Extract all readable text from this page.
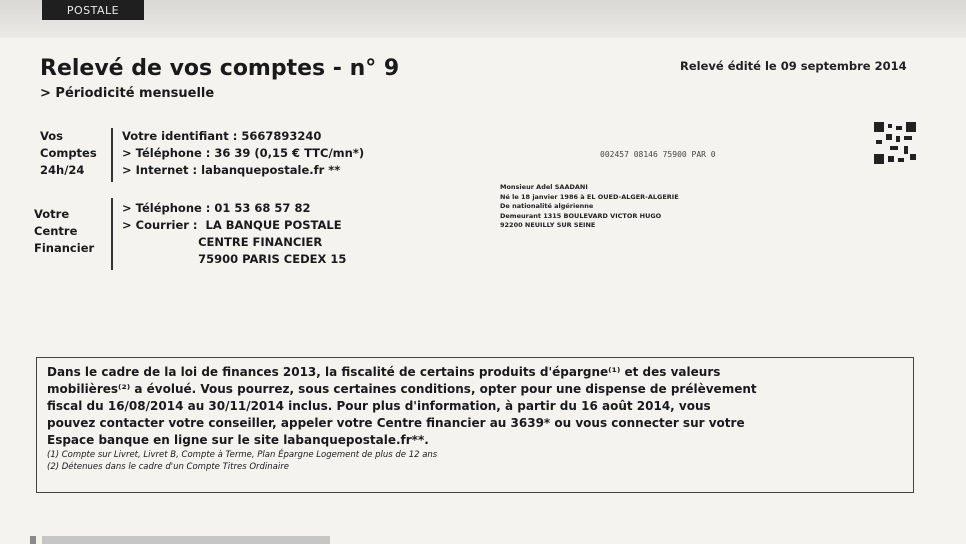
POSTALE
Relevé de vos comptes - n° 9
> Périodicité mensuelle
Relevé édité le 09 septembre 2014
Vos
Comptes
24h/24
Votre identifiant : 5667893240
> Téléphone : 36 39 (0,15 € TTC/mn*)
> Internet : labanquepostale.fr **
Votre
Centre
Financier
> Téléphone : 01 53 68 57 82
> Courrier :  LA BANQUE POSTALE
CENTRE FINANCIER
75900 PARIS CEDEX 15
002457 08146 75900 PAR 0
Monsieur Adel SAADANI
Né le 18 janvier 1986 à EL OUED-ALGER-ALGERIE
De nationalité algérienne
Demeurant 1315 BOULEVARD VICTOR HUGO
92200 NEUILLY SUR SEINE
Dans le cadre de la loi de finances 2013, la fiscalité de certains produits d'épargne⁽¹⁾ et des valeurs
mobilières⁽²⁾ a évolué. Vous pourrez, sous certaines conditions, opter pour une dispense de prélèvement
fiscal du 16/08/2014 au 30/11/2014 inclus. Pour plus d'information, à partir du 16 août 2014, vous
pouvez contacter votre conseiller, appeler votre Centre financier au 3639* ou vous connecter sur votre
Espace banque en ligne sur le site labanquepostale.fr**.
(1) Compte sur Livret, Livret B, Compte à Terme, Plan Épargne Logement de plus de 12 ans
(2) Détenues dans le cadre d'un Compte Titres Ordinaire
